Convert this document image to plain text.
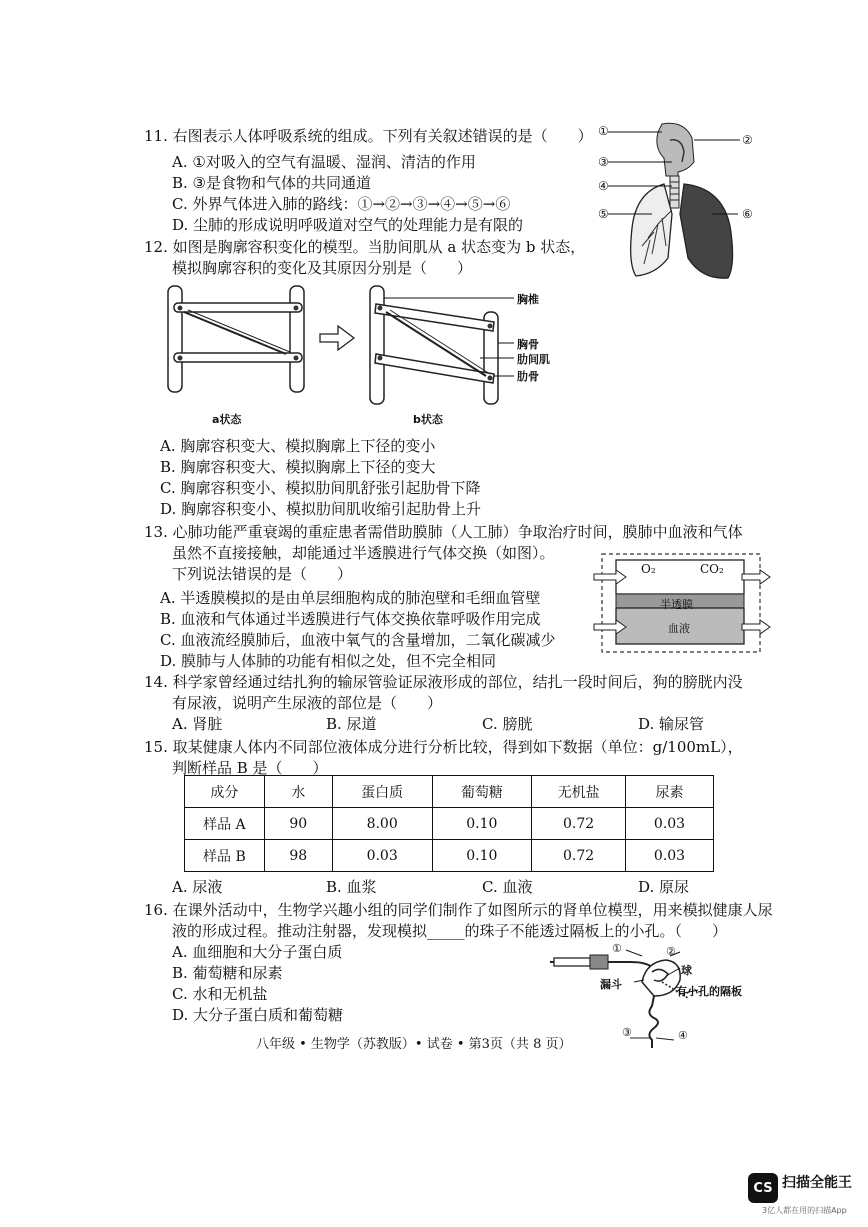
11. 右图表示人体呼吸系统的组成。下列有关叙述错误的是（　　）
A. ①对吸入的空气有温暖、湿润、清洁的作用
B. ③是食物和气体的共同通道
C. 外界气体进入肺的路线：①→②→③→④→⑤→⑥
D. 尘肺的形成说明呼吸道对空气的处理能力是有限的
①
②
③
④
⑤	⑥
12. 如图是胸廓容积变化的模型。当肋间肌从 a 状态变为 b 状态，
模拟胸廓容积的变化及其原因分别是（　　）
胸椎
胸骨
肋间肌
肋骨
a状态	b状态
A. 胸廓容积变大、模拟胸廓上下径的变小
B. 胸廓容积变大、模拟胸廓上下径的变大
C. 胸廓容积变小、模拟肋间肌舒张引起肋骨下降
D. 胸廓容积变小、模拟肋间肌收缩引起肋骨上升
13. 心肺功能严重衰竭的重症患者需借助膜肺（人工肺）争取治疗时间，膜肺中血液和气体
虽然不直接接触，却能通过半透膜进行气体交换（如图）。
下列说法错误的是（　　）
A. 半透膜模拟的是由单层细胞构成的肺泡壁和毛细血管壁
B. 血液和气体通过半透膜进行气体交换依靠呼吸作用完成
C. 血液流经膜肺后，血液中氧气的含量增加，二氧化碳减少
D. 膜肺与人体肺的功能有相似之处，但不完全相同
O₂	CO₂
半透膜
血液
14. 科学家曾经通过结扎狗的输尿管验证尿液形成的部位，结扎一段时间后，狗的膀胱内没
有尿液，说明产生尿液的部位是（　　）
A. 肾脏	B. 尿道	C. 膀胱	D. 输尿管
15. 取某健康人体内不同部位液体成分进行分析比较，得到如下数据（单位：g/100mL），
判断样品 B 是（　　）
成分	水	蛋白质	葡萄糖	无机盐	尿素
样品 A	90	8.00	0.10	0.72	0.03
样品 B	98	0.03	0.10	0.72	0.03
A. 尿液	B. 血浆	C. 血液	D. 原尿
16. 在课外活动中，生物学兴趣小组的同学们制作了如图所示的肾单位模型，用来模拟健康人尿
液的形成过程。推动注射器，发现模拟_____的珠子不能透过隔板上的小孔。（　　）
A. 血细胞和大分子蛋白质
B. 葡萄糖和尿素
C. 水和无机盐
D. 大分子蛋白质和葡萄糖
①	②
漏斗
球
有小孔的隔板
③	④
八年级 • 生物学（苏教版）• 试卷 • 第3页（共 8 页）
CS 扫描全能王
3亿人都在用的扫描App
